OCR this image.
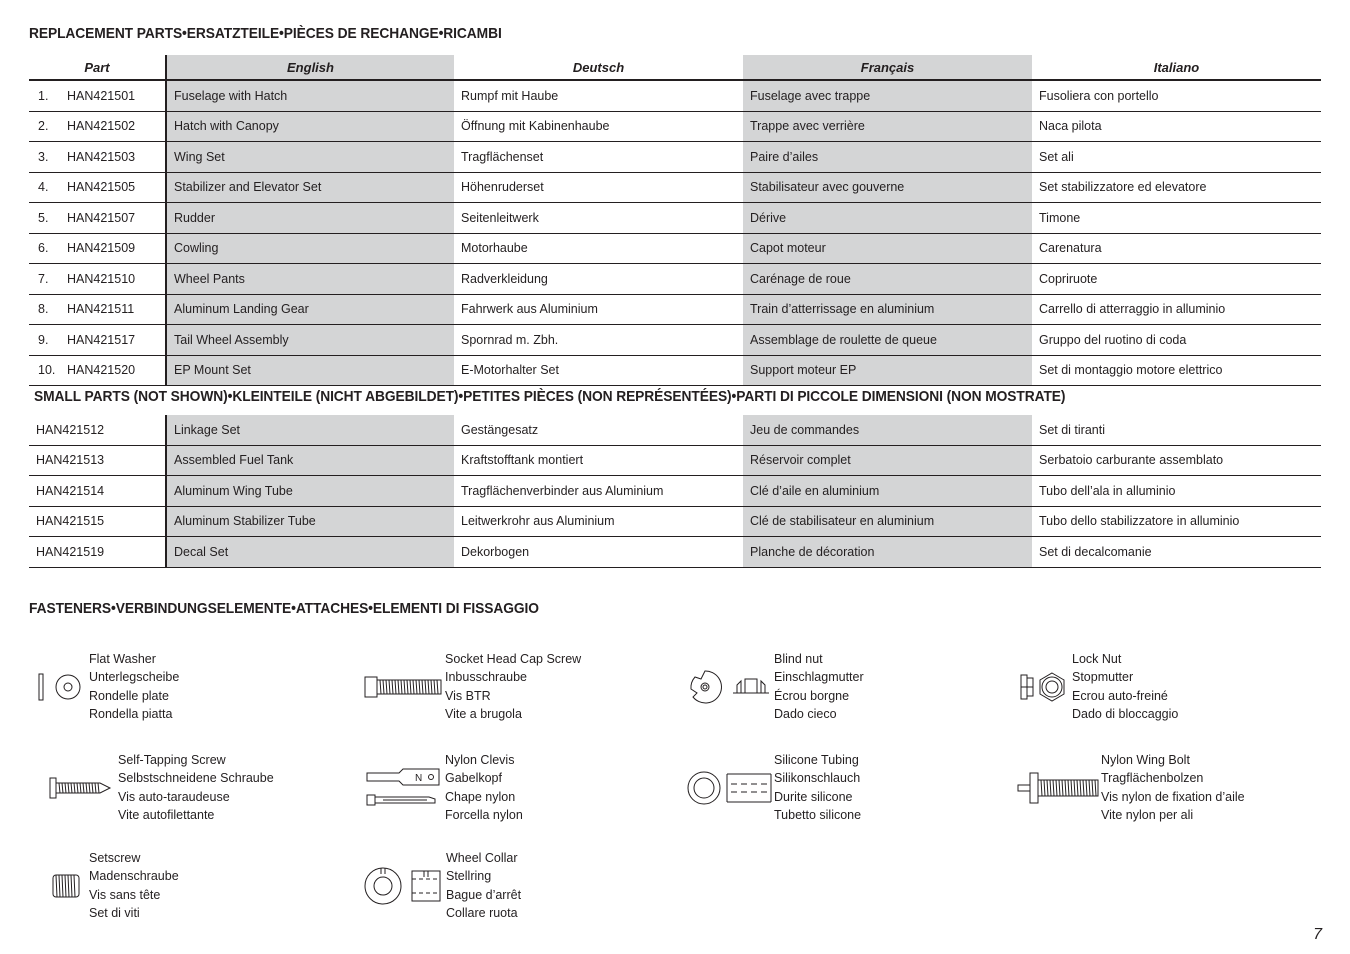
REPLACEMENT PARTS•ERSATZTEILE•PIÈCES DE RECHANGE•RICAMBI
Part	English	Deutsch	Français	Italiano
1. HAN421501	Fuselage with Hatch	Rumpf mit Haube	Fuselage avec trappe	Fusoliera con portello
2. HAN421502	Hatch with Canopy	Öffnung mit Kabinenhaube	Trappe avec verrière	Naca pilota
3. HAN421503	Wing Set	Tragflächenset	Paire d’ailes	Set ali
4. HAN421505	Stabilizer and Elevator Set	Höhenruderset	Stabilisateur avec gouverne	Set stabilizzatore ed elevatore
5. HAN421507	Rudder	Seitenleitwerk	Dérive	Timone
6. HAN421509	Cowling	Motorhaube	Capot moteur	Carenatura
7. HAN421510	Wheel Pants	Radverkleidung	Carénage de roue	Copriruote
8. HAN421511	Aluminum Landing Gear	Fahrwerk aus Aluminium	Train d’atterrissage en aluminium	Carrello di atterraggio in alluminio
9. HAN421517	Tail Wheel Assembly	Spornrad m. Zbh.	Assemblage de roulette de queue	Gruppo del ruotino di coda
10. HAN421520	EP Mount Set	E-Motorhalter Set	Support moteur EP	Set di montaggio motore elettrico
SMALL PARTS (NOT SHOWN)•KLEINTEILE (NICHT ABGEBILDET)•PETITES PIÈCES (NON REPRÉSENTÉES)•PARTI DI PICCOLE DIMENSIONI (NON MOSTRATE)
HAN421512	Linkage Set	Gestängesatz	Jeu de commandes	Set di tiranti
HAN421513	Assembled Fuel Tank	Kraftstofftank montiert	Réservoir complet	Serbatoio carburante assemblato
HAN421514	Aluminum Wing Tube	Tragflächenverbinder aus Aluminium	Clé d’aile en aluminium	Tubo dell’ala in alluminio
HAN421515	Aluminum Stabilizer Tube	Leitwerkrohr aus Aluminium	Clé de stabilisateur en aluminium	Tubo dello stabilizzatore in alluminio
HAN421519	Decal Set	Dekorbogen	Planche de décoration	Set di decalcomanie
FASTENERS•VERBINDUNGSELEMENTE•ATTACHES•ELEMENTI DI FISSAGGIO
Flat Washer
Unterlegscheibe
Rondelle plate
Rondella piatta
Socket Head Cap Screw
Inbusschraube
Vis BTR
Vite a brugola
Blind nut
Einschlagmutter
Écrou borgne
Dado cieco
Lock Nut
Stopmutter
Ecrou auto-freiné
Dado di bloccaggio
Self-Tapping Screw
Selbstschneidene Schraube
Vis auto-taraudeuse
Vite autofilettante
N
Nylon Clevis
Gabelkopf
Chape nylon
Forcella nylon
Silicone Tubing
Silikonschlauch
Durite silicone
Tubetto silicone
Nylon Wing Bolt
Tragflächenbolzen
Vis nylon de fixation d’aile
Vite nylon per ali
Setscrew
Madenschraube
Vis sans tête
Set di viti
Wheel Collar
Stellring
Bague d’arrêt
Collare ruota
7
